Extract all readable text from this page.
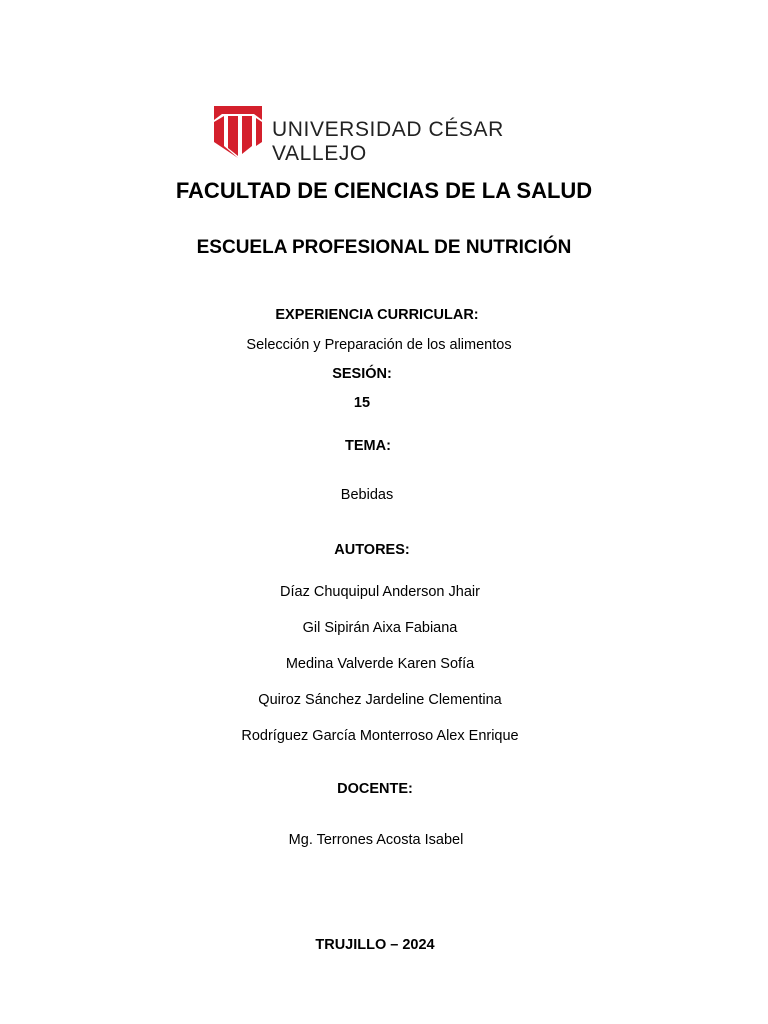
UNIVERSIDAD CÉSAR VALLEJO
FACULTAD DE CIENCIAS DE LA SALUD
ESCUELA PROFESIONAL DE NUTRICIÓN
EXPERIENCIA CURRICULAR:
Selección y Preparación de los alimentos
SESIÓN:
15
TEMA:
Bebidas
AUTORES:
Díaz Chuquipul Anderson Jhair
Gil Sipirán Aixa Fabiana
Medina Valverde Karen Sofía
Quiroz Sánchez Jardeline Clementina
Rodríguez García Monterroso Alex Enrique
DOCENTE:
Mg. Terrones Acosta Isabel
TRUJILLO – 2024
